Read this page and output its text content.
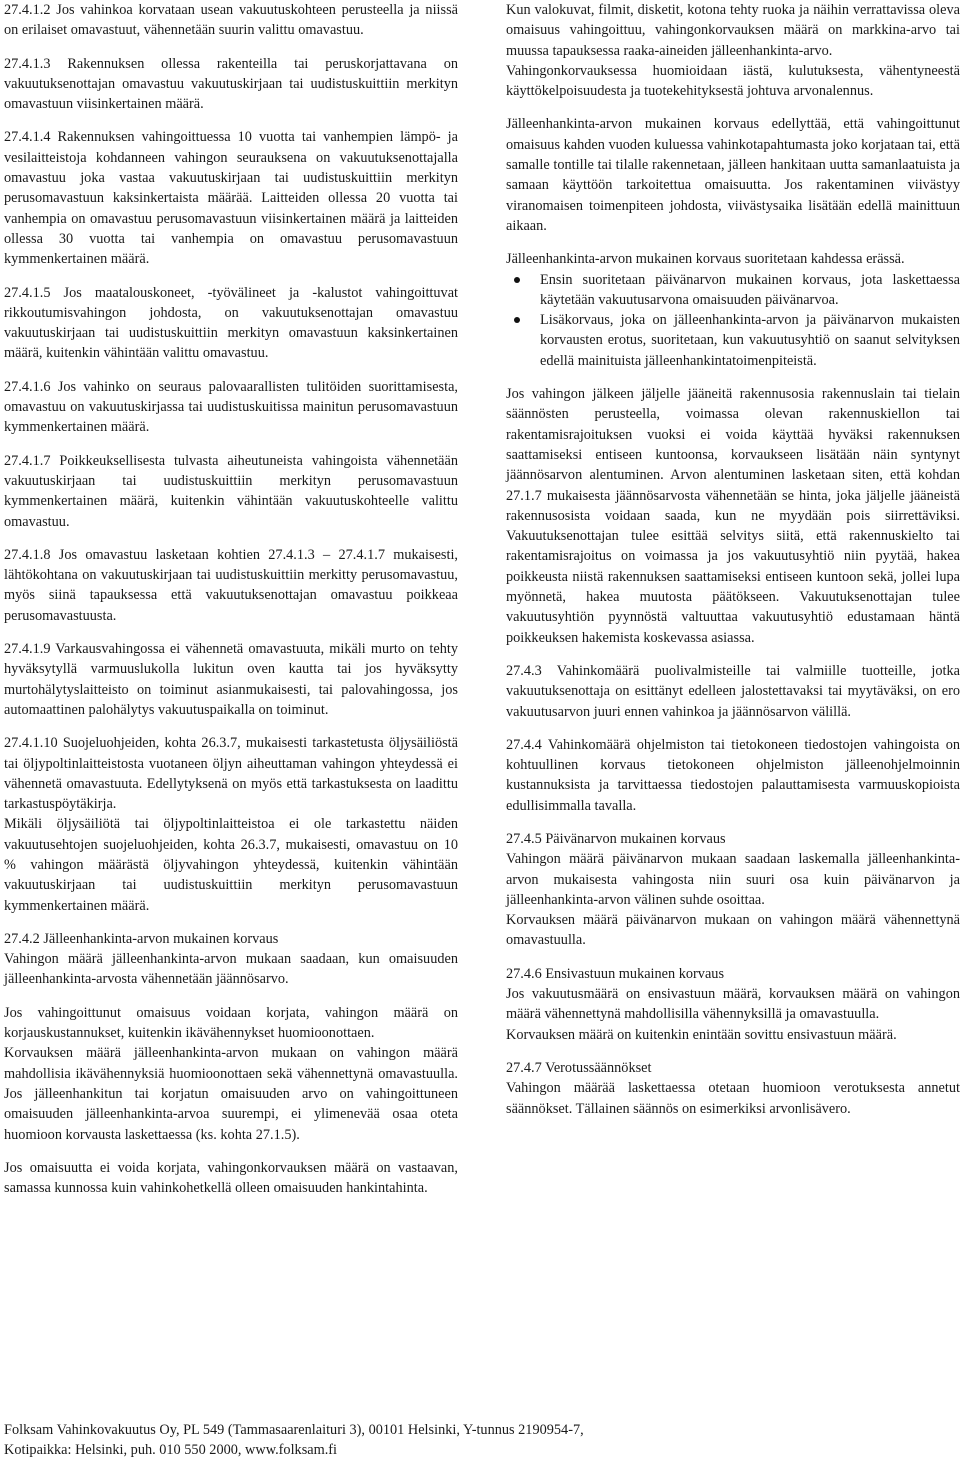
27.4.1.2 Jos vahinkoa korvataan usean vakuutuskohteen perusteella ja niissä on erilaiset omavastuut, vähennetään suurin valittu omavastuu.

27.4.1.3 Rakennuksen ollessa rakenteilla tai peruskorjattavana on vakuutuksenottajan omavastuu vakuutuskirjaan tai uudistuskuittiin merkityn omavastuun viisinkertainen määrä.

27.4.1.4 Rakennuksen vahingoittuessa 10 vuotta tai vanhempien lämpö- ja vesilaitteistoja kohdanneen vahingon seurauksena on vakuutuksenottajalla omavastuu joka vastaa vakuutuskirjaan tai uudistuskuittiin merkityn perusomavastuun kaksinkertaista määrää. Laitteiden ollessa 20 vuotta tai vanhempia on omavastuu perusomavastuun viisinkertainen määrä ja laitteiden ollessa 30 vuotta tai vanhempia on omavastuu perusomavastuun kymmenkertainen määrä.

27.4.1.5 Jos maatalouskoneet, -työvälineet ja -kalustot vahingoittuvat rikkoutumisvahingon johdosta, on vakuutuksenottajan omavastuu vakuutuskirjaan tai uudistuskuittiin merkityn omavastuun kaksinkertainen määrä, kuitenkin vähintään valittu omavastuu.

27.4.1.6 Jos vahinko on seuraus palovaarallisten tulitöiden suorittamisesta, omavastuu on vakuutuskirjassa tai uudistuskuitissa mainitun perusomavastuun kymmenkertainen määrä.

27.4.1.7 Poikkeuksellisesta tulvasta aiheutuneista vahingoista vähennetään vakuutuskirjaan tai uudistuskuittiin merkityn perusomavastuun kymmenkertainen määrä, kuitenkin vähintään vakuutuskohteelle valittu omavastuu.

27.4.1.8 Jos omavastuu lasketaan kohtien 27.4.1.3 – 27.4.1.7 mukaisesti, lähtökohtana on vakuutuskirjaan tai uudistuskuittiin merkitty perusomavastuu, myös siinä tapauksessa että vakuutuksenottajan omavastuu poikkeaa perusomavastuusta.

27.4.1.9 Varkausvahingossa ei vähennetä omavastuuta, mikäli murto on tehty hyväksytyllä varmuuslukolla lukitun oven kautta tai jos hyväksytty murtohälytyslaitteisto on toiminut asianmukaisesti, tai palovahingossa, jos automaattinen palohälytys vakuutuspaikalla on toiminut.

27.4.1.10 Suojeluohjeiden, kohta 26.3.7, mukaisesti tarkastetusta öljysäiliöstä tai öljypoltinlaitteistosta vuotaneen öljyn aiheuttaman vahingon yhteydessä ei vähennetä omavastuuta. Edellytyksenä on myös että tarkastuksesta on laadittu tarkastuspöytäkirja.

Mikäli öljysäiliötä tai öljypoltinlaitteistoa ei ole tarkastettu näiden vakuutusehtojen suojeluohjeiden, kohta 26.3.7, mukaisesti, omavastuu on 10 % vahingon määrästä öljyvahingon yhteydessä, kuitenkin vähintään vakuutuskirjaan tai uudistuskuittiin merkityn perusomavastuun kymmenkertainen määrä.

27.4.2 Jälleenhankinta-arvon mukainen korvaus

Vahingon määrä jälleenhankinta-arvon mukaan saadaan, kun omaisuuden jälleenhankinta-arvosta vähennetään jäännösarvo.

Jos vahingoittunut omaisuus voidaan korjata, vahingon määrä on korjauskustannukset, kuitenkin ikävähennykset huomioonottaen.

Korvauksen määrä jälleenhankinta-arvon mukaan on vahingon määrä mahdollisia ikävähennyksiä huomioonottaen sekä vähennettynä omavastuulla. Jos jälleenhankitun tai korjatun omaisuuden arvo on vahingoittuneen omaisuuden jälleenhankinta-arvoa suurempi, ei ylimenevää osaa oteta huomioon korvausta laskettaessa (ks. kohta 27.1.5).

Jos omaisuutta ei voida korjata, vahingonkorvauksen määrä on vastaavan, samassa kunnossa kuin vahinkohetkellä olleen omaisuuden hankintahinta.

Kun valokuvat, filmit, disketit, kotona tehty ruoka ja näihin verrattavissa oleva omaisuus vahingoittuu, vahingonkorvauksen määrä on markkina-arvo tai muussa tapauksessa raaka-aineiden jälleenhankinta-arvo.

Vahingonkorvauksessa huomioidaan iästä, kulutuksesta, vähentyneestä käyttökelpoisuudesta ja tuotekehityksestä johtuva arvonalennus.

Jälleenhankinta-arvon mukainen korvaus edellyttää, että vahingoittunut omaisuus kahden vuoden kuluessa vahinkotapahtumasta joko korjataan tai, että samalle tontille tai tilalle rakennetaan, jälleen hankitaan uutta samanlaatuista ja samaan käyttöön tarkoitettua omaisuutta. Jos rakentaminen viivästyy viranomaisen toimenpiteen johdosta, viivästysaika lisätään edellä mainittuun aikaan.

Jälleenhankinta-arvon mukainen korvaus suoritetaan kahdessa erässä.

Ensin suoritetaan päivänarvon mukainen korvaus, jota laskettaessa käytetään vakuutusarvona omaisuuden päivänarvoa.
Lisäkorvaus, joka on jälleenhankinta-arvon ja päivänarvon mukaisten korvausten erotus, suoritetaan, kun vakuutusyhtiö on saanut selvityksen edellä mainituista jälleenhankintatoimenpiteistä.

Jos vahingon jälkeen jäljelle jääneitä rakennusosia rakennuslain tai tielain säännösten perusteella, voimassa olevan rakennuskiellon tai rakentamisrajoituksen vuoksi ei voida käyttää hyväksi rakennuksen saattamiseksi entiseen kuntoonsa, korvaukseen lisätään näin syntynyt jäännösarvon alentuminen. Arvon alentuminen lasketaan siten, että kohdan 27.1.7 mukaisesta jäännösarvosta vähennetään se hinta, joka jäljelle jääneistä rakennusosista voidaan saada, kun ne myydään pois siirrettäviksi. Vakuutuksenottajan tulee esittää selvitys siitä, että rakennuskielto tai rakentamisrajoitus on voimassa ja jos vakuutusyhtiö niin pyytää, hakea poikkeusta niistä rakennuksen saattamiseksi entiseen kuntoon sekä, jollei lupa myönnetä, hakea muutosta päätökseen. Vakuutuksenottajan tulee vakuutusyhtiön pyynnöstä valtuuttaa vakuutusyhtiö edustamaan häntä poikkeuksen hakemista koskevassa asiassa.

27.4.3 Vahinkomäärä puolivalmisteille tai valmiille tuotteille, jotka vakuutuksenottaja on esittänyt edelleen jalostettavaksi tai myytäväksi, on ero vakuutusarvon juuri ennen vahinkoa ja jäännösarvon välillä.

27.4.4 Vahinkomäärä ohjelmiston tai tietokoneen tiedostojen vahingoista on kohtuullinen korvaus tietokoneen ohjelmiston jälleenohjelmoinnin kustannuksista ja tarvittaessa tiedostojen palauttamisesta varmuuskopioista edullisimmalla tavalla.

27.4.5 Päivänarvon mukainen korvaus

Vahingon määrä päivänarvon mukaan saadaan laskemalla jälleenhankinta-arvon mukaisesta vahingosta niin suuri osa kuin päivänarvon ja jälleenhankinta-arvon välinen suhde osoittaa.

Korvauksen määrä päivänarvon mukaan on vahingon määrä vähennettynä omavastuulla.

27.4.6 Ensivastuun mukainen korvaus

Jos vakuutusmäärä on ensivastuun määrä, korvauksen määrä on vahingon määrä vähennettynä mahdollisilla vähennyksillä ja omavastuulla.

Korvauksen määrä on kuitenkin enintään sovittu ensivastuun määrä.

27.4.7 Verotussäännökset

Vahingon määrää laskettaessa otetaan huomioon verotuksesta annetut säännökset. Tällainen säännös on esimerkiksi arvonlisävero.

Folksam Vahinkovakuutus Oy, PL 549 (Tammasaarenlaituri 3), 00101 Helsinki, Y-tunnus 2190954-7,
Kotipaikka: Helsinki, puh. 010 550 2000, www.folksam.fi
